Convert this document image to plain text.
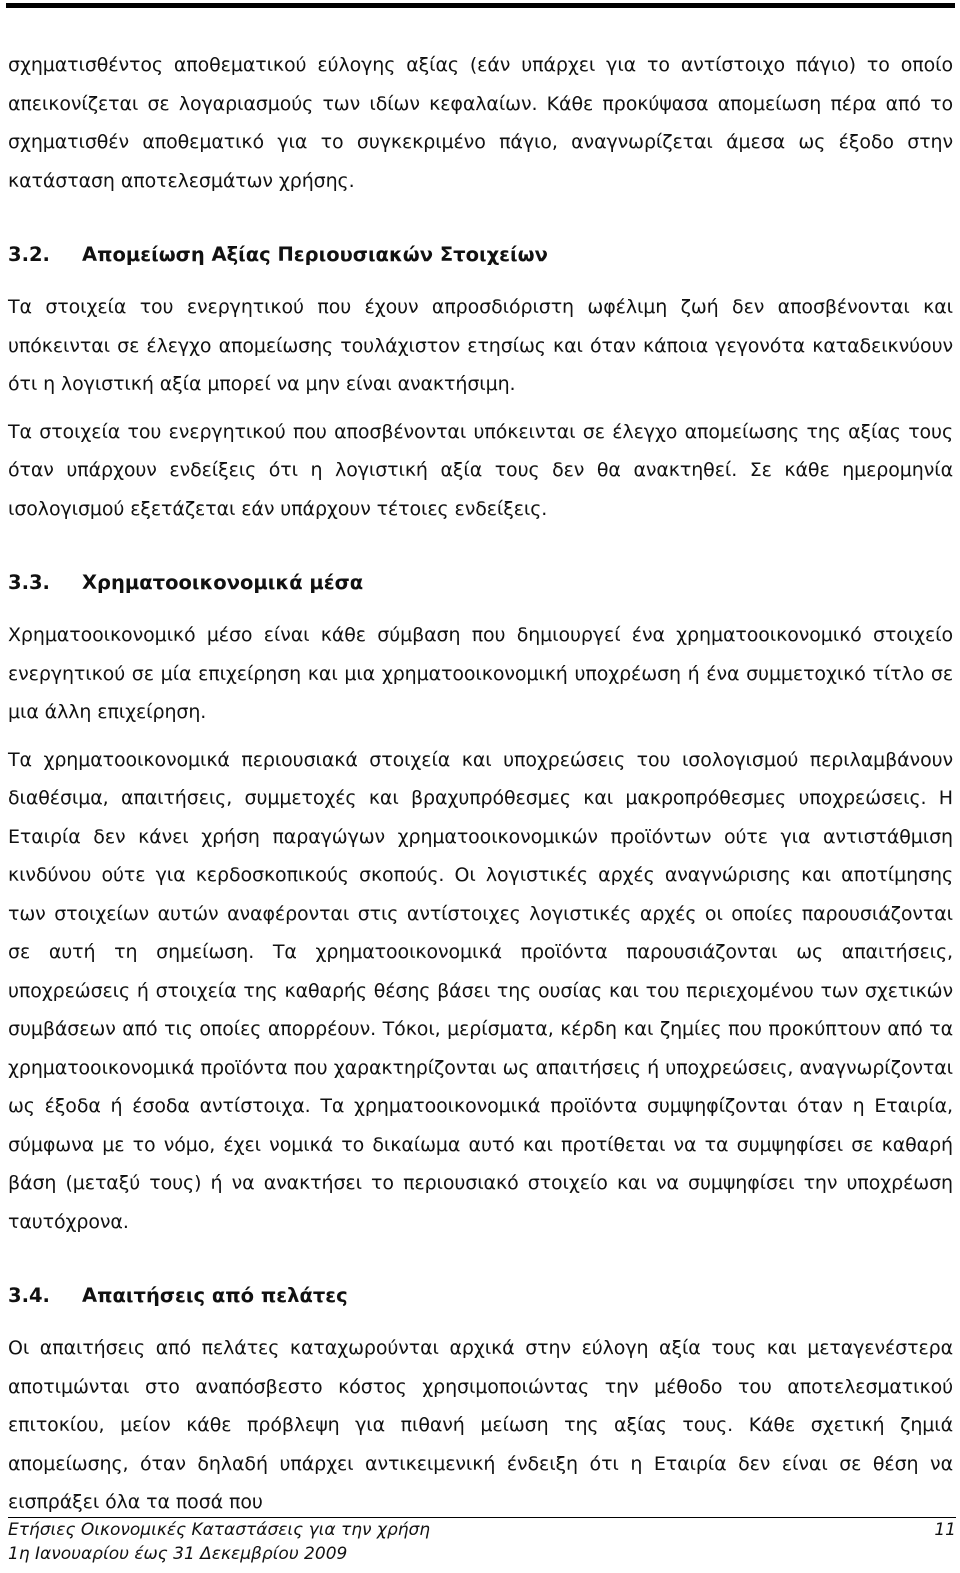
σχηματισθέντος αποθεματικού εύλογης αξίας (εάν υπάρχει για το αντίστοιχο πάγιο) το οποίο απεικονίζεται σε λογαριασμούς των ιδίων κεφαλαίων. Κάθε προκύψασα απομείωση πέρα από το σχηματισθέν αποθεματικό για το συγκεκριμένο πάγιο, αναγνωρίζεται άμεσα ως έξοδο στην κατάσταση αποτελεσμάτων χρήσης.

3.2.	Απομείωση Αξίας Περιουσιακών Στοιχείων

Τα στοιχεία του ενεργητικού που έχουν απροσδιόριστη ωφέλιμη ζωή δεν αποσβένονται και υπόκεινται σε έλεγχο απομείωσης τουλάχιστον ετησίως και όταν κάποια γεγονότα καταδεικνύουν ότι η λογιστική αξία μπορεί να μην είναι ανακτήσιμη.

Τα στοιχεία του ενεργητικού που αποσβένονται υπόκεινται σε έλεγχο απομείωσης της αξίας τους όταν υπάρχουν ενδείξεις ότι η λογιστική αξία τους δεν θα ανακτηθεί. Σε κάθε ημερομηνία ισολογισμού εξετάζεται εάν υπάρχουν τέτοιες ενδείξεις.

3.3.	Χρηματοοικονομικά μέσα

Χρηματοοικονομικό μέσο είναι κάθε σύμβαση που δημιουργεί ένα χρηματοοικονομικό στοιχείο ενεργητικού σε μία επιχείρηση και μια χρηματοοικονομική υποχρέωση ή ένα συμμετοχικό τίτλο σε μια άλλη επιχείρηση.

Τα χρηματοοικονομικά περιουσιακά στοιχεία και υποχρεώσεις του ισολογισμού περιλαμβάνουν διαθέσιμα, απαιτήσεις, συμμετοχές και βραχυπρόθεσμες και μακροπρόθεσμες υποχρεώσεις. Η Εταιρία δεν κάνει χρήση παραγώγων χρηματοοικονομικών προϊόντων ούτε για αντιστάθμιση κινδύνου ούτε για κερδοσκοπικούς σκοπούς. Οι λογιστικές αρχές αναγνώρισης και αποτίμησης των στοιχείων αυτών αναφέρονται στις αντίστοιχες λογιστικές αρχές οι οποίες παρουσιάζονται σε αυτή τη σημείωση. Τα χρηματοοικονομικά προϊόντα παρουσιάζονται ως απαιτήσεις, υποχρεώσεις ή στοιχεία της καθαρής θέσης βάσει της ουσίας και του περιεχομένου των σχετικών συμβάσεων από τις οποίες απορρέουν. Τόκοι, μερίσματα, κέρδη και ζημίες που προκύπτουν από τα χρηματοοικονομικά προϊόντα που χαρακτηρίζονται ως απαιτήσεις ή υποχρεώσεις, αναγνωρίζονται ως έξοδα ή έσοδα αντίστοιχα. Τα χρηματοοικονομικά προϊόντα συμψηφίζονται όταν η Εταιρία, σύμφωνα με το νόμο, έχει νομικά το δικαίωμα αυτό και προτίθεται να τα συμψηφίσει σε καθαρή βάση (μεταξύ τους) ή να ανακτήσει το περιουσιακό στοιχείο και να συμψηφίσει την υποχρέωση ταυτόχρονα.

3.4.	Απαιτήσεις από πελάτες

Οι απαιτήσεις από πελάτες καταχωρούνται αρχικά στην εύλογη αξία τους και μεταγενέστερα αποτιμώνται στο αναπόσβεστο κόστος χρησιμοποιώντας την μέθοδο του αποτελεσματικού επιτοκίου, μείον κάθε πρόβλεψη για πιθανή μείωση της αξίας τους. Κάθε σχετική ζημιά απομείωσης, όταν δηλαδή υπάρχει αντικειμενική ένδειξη ότι η Εταιρία δεν είναι σε θέση να εισπράξει όλα τα ποσά που

Ετήσιες Οικονομικές Καταστάσεις για την χρήση	11
1η Ιανουαρίου έως 31 Δεκεμβρίου 2009
